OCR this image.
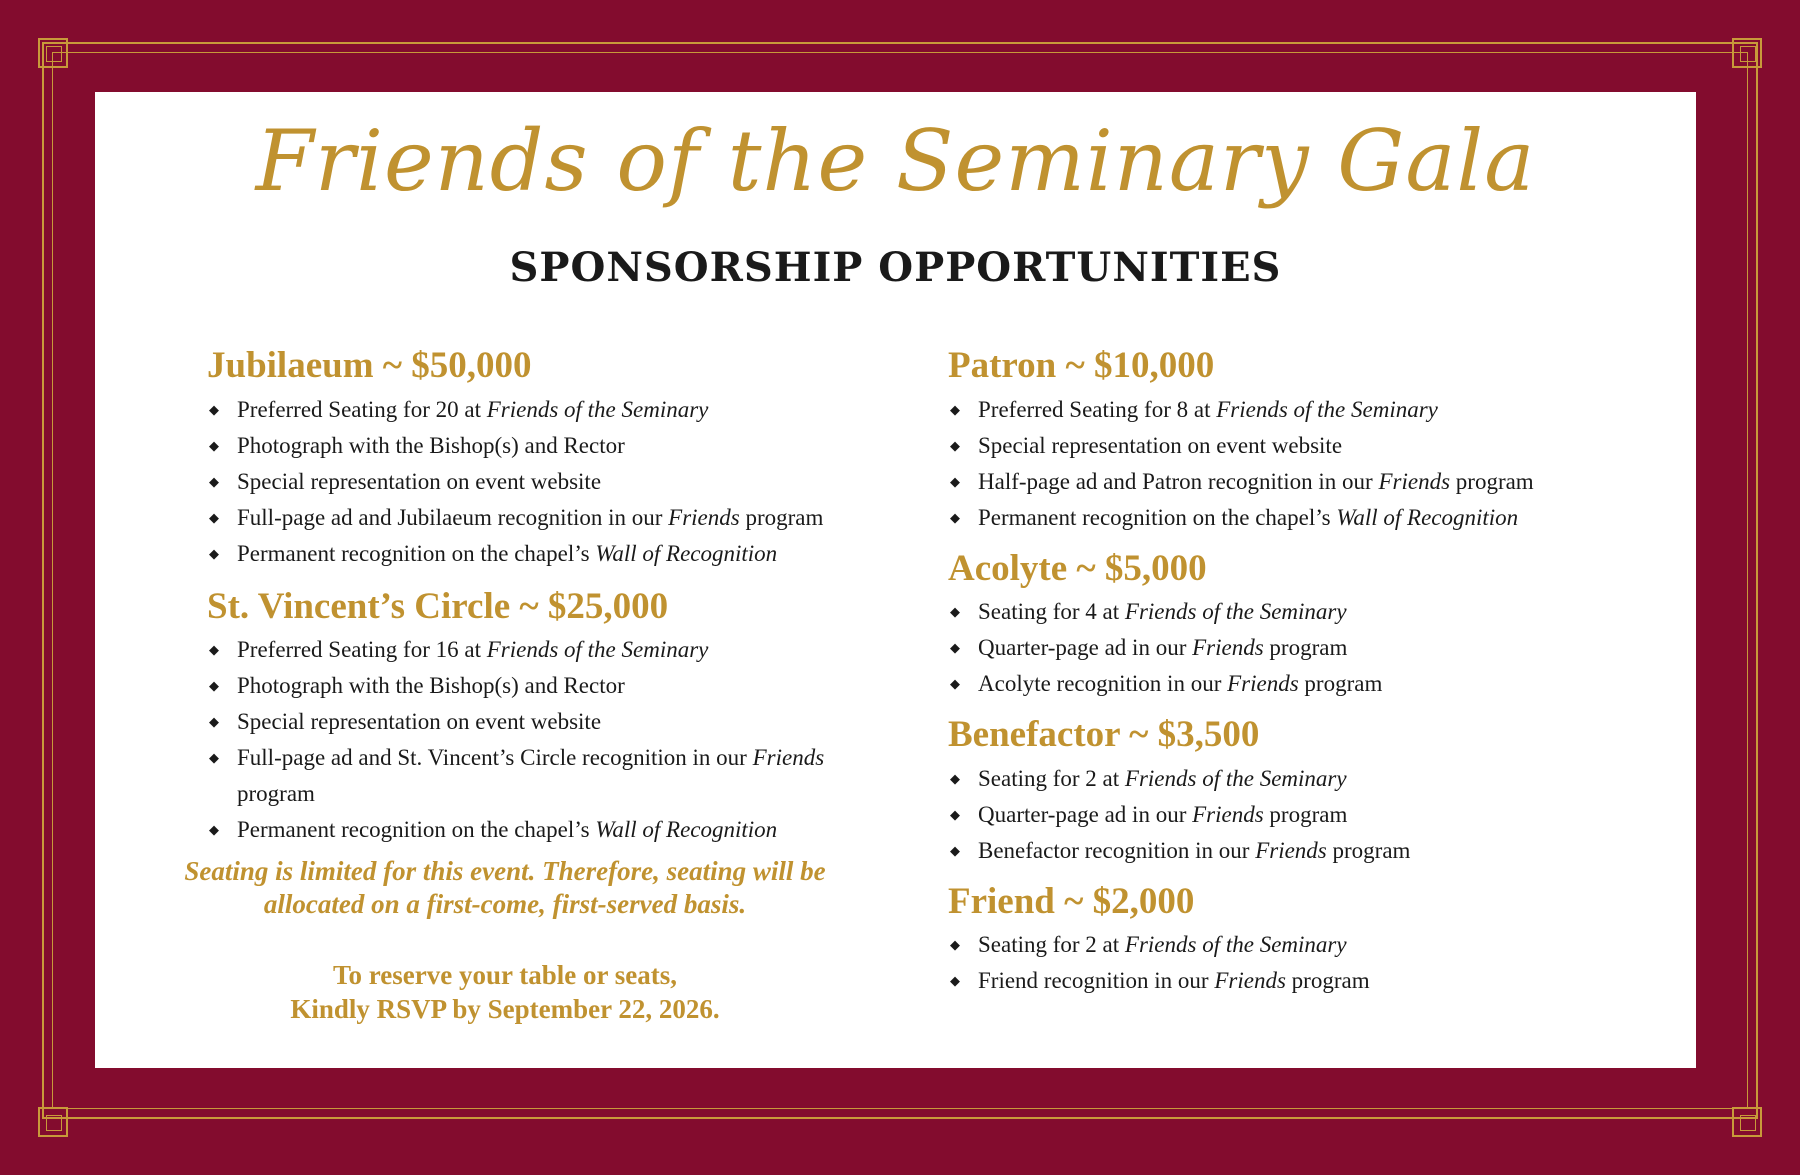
Friends of the Seminary Gala
SPONSORSHIP OPPORTUNITIES
Jubilaeum ~ $50,000
◆ Preferred Seating for 20 at Friends of the Seminary
◆ Photograph with the Bishop(s) and Rector
◆ Special representation on event website
◆ Full-page ad and Jubilaeum recognition in our Friends program
◆ Permanent recognition on the chapel’s Wall of Recognition
St. Vincent’s Circle ~ $25,000
◆ Preferred Seating for 16 at Friends of the Seminary
◆ Photograph with the Bishop(s) and Rector
◆ Special representation on event website
◆ Full-page ad and St. Vincent’s Circle recognition in our Friends program
◆ Permanent recognition on the chapel’s Wall of Recognition
Patron ~ $10,000
◆ Preferred Seating for 8 at Friends of the Seminary
◆ Special representation on event website
◆ Half-page ad and Patron recognition in our Friends program
◆ Permanent recognition on the chapel’s Wall of Recognition
Acolyte ~ $5,000
◆ Seating for 4 at Friends of the Seminary
◆ Quarter-page ad in our Friends program
◆ Acolyte recognition in our Friends program
Benefactor ~ $3,500
◆ Seating for 2 at Friends of the Seminary
◆ Quarter-page ad in our Friends program
◆ Benefactor recognition in our Friends program
Friend ~ $2,000
◆ Seating for 2 at Friends of the Seminary
◆ Friend recognition in our Friends program
Seating is limited for this event. Therefore, seating will be allocated on a first-come, first-served basis.
To reserve your table or seats,
Kindly RSVP by September 22, 2026.
